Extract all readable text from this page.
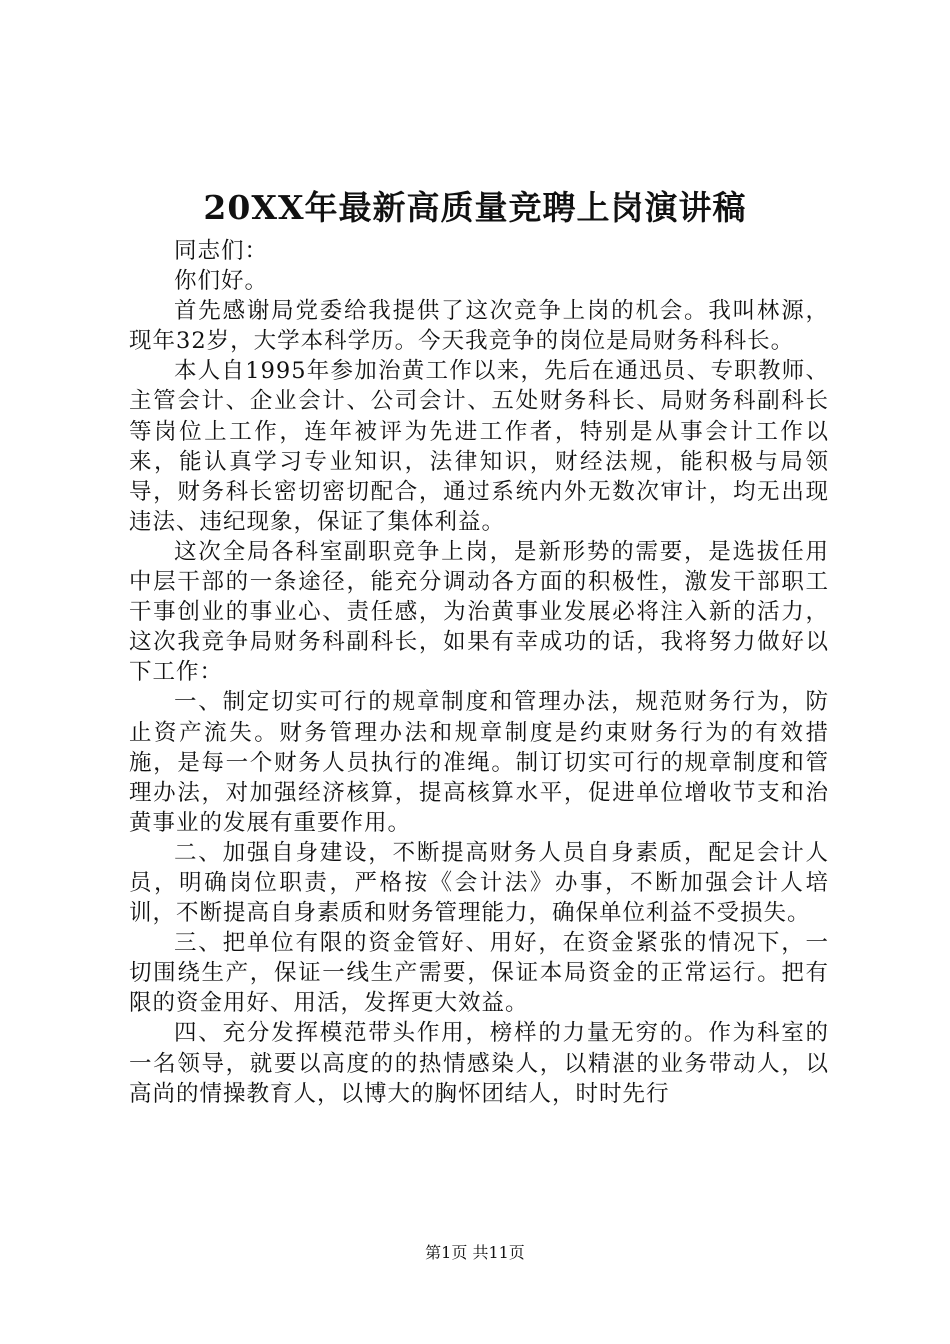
20XX年最新高质量竞聘上岗演讲稿

同志们：

你们好。

首先感谢局党委给我提供了这次竞争上岗的机会。我叫林源，现年32岁，大学本科学历。今天我竞争的岗位是局财务科科长。

本人自1995年参加治黄工作以来，先后在通迅员、专职教师、主管会计、企业会计、公司会计、五处财务科长、局财务科副科长等岗位上工作，连年被评为先进工作者，特别是从事会计工作以来，能认真学习专业知识，法律知识，财经法规，能积极与局领导，财务科长密切密切配合，通过系统内外无数次审计，均无出现违法、违纪现象，保证了集体利益。

这次全局各科室副职竞争上岗，是新形势的需要，是选拔任用中层干部的一条途径，能充分调动各方面的积极性，激发干部职工干事创业的事业心、责任感，为治黄事业发展必将注入新的活力，这次我竞争局财务科副科长，如果有幸成功的话，我将努力做好以下工作：

一、制定切实可行的规章制度和管理办法，规范财务行为，防止资产流失。财务管理办法和规章制度是约束财务行为的有效措施，是每一个财务人员执行的准绳。制订切实可行的规章制度和管理办法，对加强经济核算，提高核算水平，促进单位增收节支和治黄事业的发展有重要作用。

二、加强自身建设，不断提高财务人员自身素质，配足会计人员，明确岗位职责，严格按《会计法》办事，不断加强会计人培训，不断提高自身素质和财务管理能力，确保单位利益不受损失。

三、把单位有限的资金管好、用好，在资金紧张的情况下，一切围绕生产，保证一线生产需要，保证本局资金的正常运行。把有限的资金用好、用活，发挥更大效益。

四、充分发挥模范带头作用，榜样的力量无穷的。作为科室的一名领导，就要以高度的的热情感染人，以精湛的业务带动人，以高尚的情操教育人，以博大的胸怀团结人，时时先行

第1页 共11页
